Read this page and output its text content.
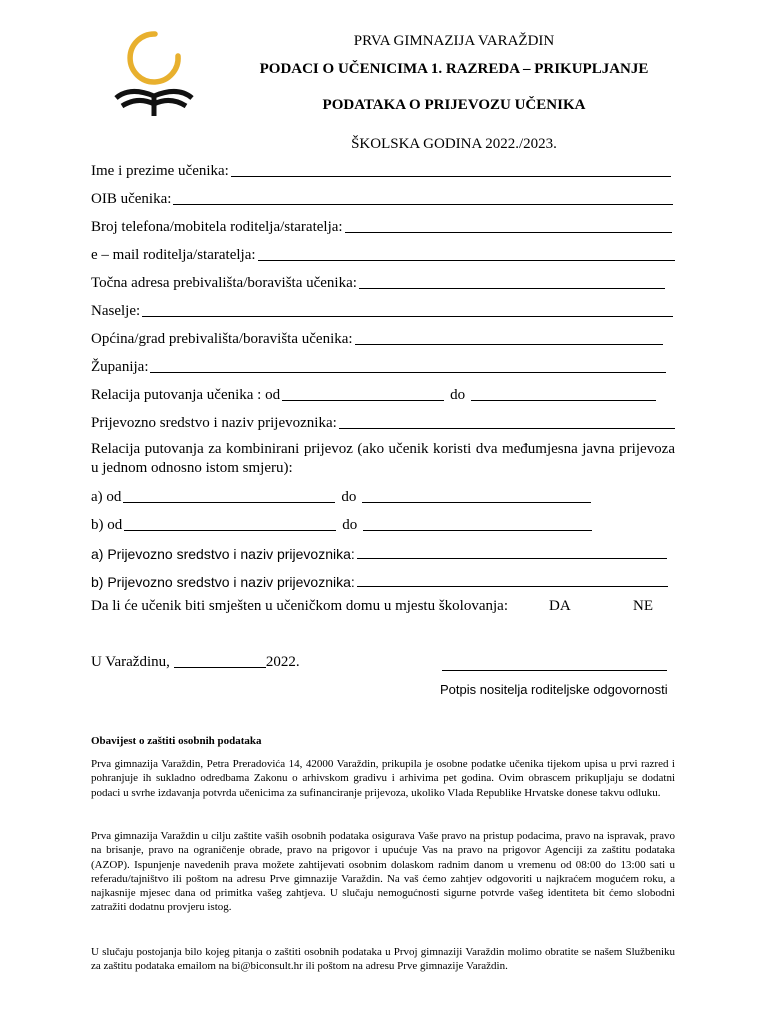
PRVA GIMNAZIJA VARAŽDIN
PODACI O UČENICIMA 1. RAZREDA – PRIKUPLJANJE
PODATAKA O PRIJEVOZU UČENIKA
ŠKOLSKA GODINA 2022./2023.
Ime i prezime učenika:
OIB učenika:
Broj telefona/mobitela roditelja/staratelja:
e – mail roditelja/staratelja:
Točna adresa prebivališta/boravišta učenika:
Naselje:
Općina/grad prebivališta/boravišta učenika:
Županija:
Relacija putovanja učenika : od	do
Prijevozno sredstvo i naziv prijevoznika:
Relacija putovanja za kombinirani prijevoz (ako učenik koristi dva međumjesna javna prijevoza u jednom odnosno istom smjeru):
a) od	do
b) od	do
a) Prijevozno sredstvo i naziv prijevoznika:
b) Prijevozno sredstvo i naziv prijevoznika:
Da li će učenik biti smješten u učeničkom domu u mjestu školovanja:	DA	NE
U Varaždinu,	2022.
Potpis nositelja roditeljske odgovornosti
Obavijest o zaštiti osobnih podataka
Prva gimnazija Varaždin, Petra Preradovića 14, 42000 Varaždin, prikupila je osobne podatke učenika tijekom upisa u prvi razred i pohranjuje ih sukladno odredbama Zakonu o arhivskom gradivu i arhivima pet godina. Ovim obrascem prikupljaju se dodatni podaci u svrhe izdavanja potvrda učenicima za sufinanciranje prijevoza, ukoliko Vlada Republike Hrvatske donese takvu odluku.
Prva gimnazija Varaždin u cilju zaštite vaših osobnih podataka osigurava Vaše pravo na pristup podacima, pravo na ispravak, pravo na brisanje, pravo na ograničenje obrade, pravo na prigovor i upućuje Vas na pravo na prigovor Agenciji za zaštitu podataka (AZOP). Ispunjenje navedenih prava možete zahtijevati osobnim dolaskom radnim danom u vremenu od 08:00 do 13:00 sati u referadu/tajništvo ili poštom na adresu Prve gimnazije Varaždin. Na vaš ćemo zahtjev odgovoriti u najkraćem mogućem roku, a najkasnije mjesec dana od primitka vašeg zahtjeva. U slučaju nemogućnosti sigurne potvrde vašeg identiteta bit ćemo slobodni zatražiti dodatnu provjeru istog.
U slučaju postojanja bilo kojeg pitanja o zaštiti osobnih podataka u Prvoj gimnaziji Varaždin molimo obratite se našem Službeniku za zaštitu podataka emailom na bi@biconsult.hr ili poštom na adresu Prve gimnazije Varaždin.
